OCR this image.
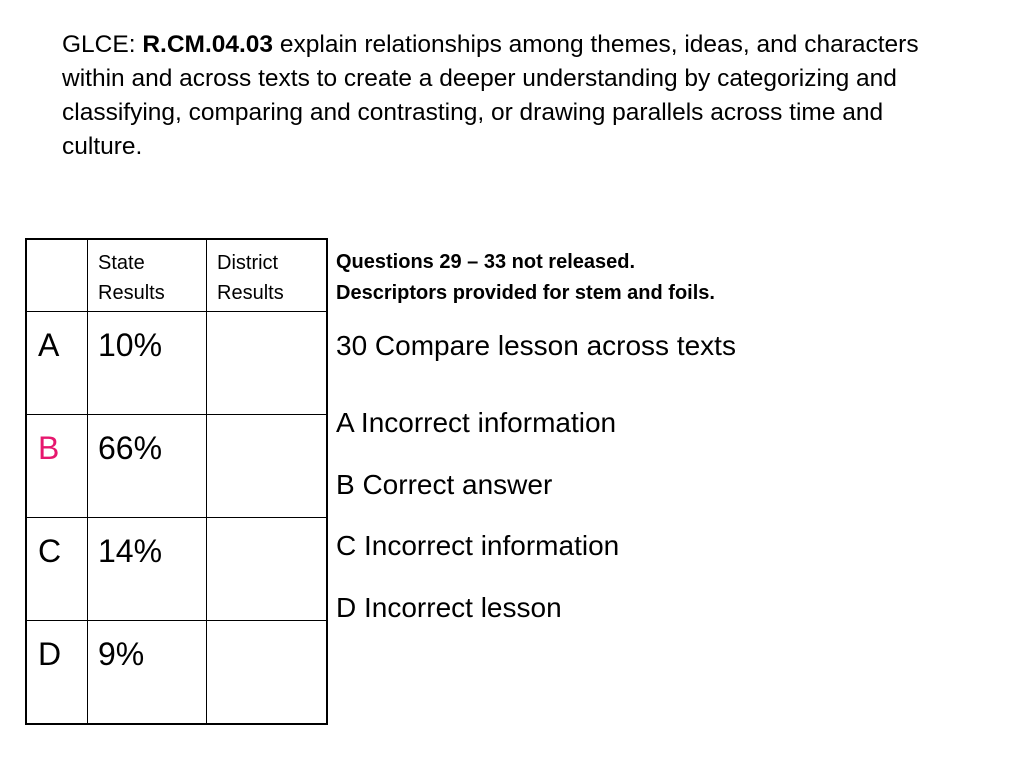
GLCE: R.CM.04.03 explain relationships among themes, ideas, and characters within and across texts to create a deeper understanding by categorizing and classifying, comparing and contrasting, or drawing parallels across time and culture.

	State Results	District Results

A	10%	

B	66%	

C	14%	

D	9%	

Questions 29 – 33 not released.
Descriptors provided for stem and foils.
30 Compare lesson across texts
A Incorrect information
B Correct answer
C Incorrect information
D Incorrect lesson
